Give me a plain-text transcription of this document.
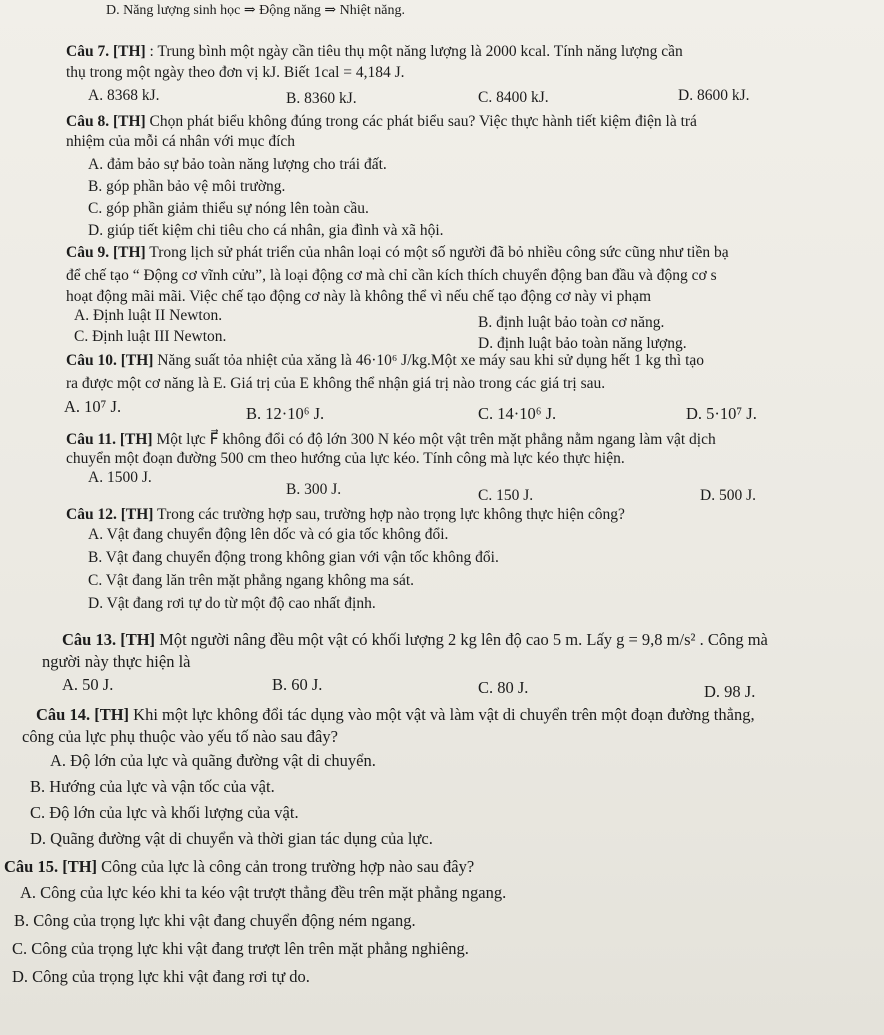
D. Năng lượng sinh học ⇒ Động năng ⇒ Nhiệt năng.
Câu 7. [TH] : Trung bình một ngày cần tiêu thụ một năng lượng là 2000 kcal. Tính năng lượng cần
thụ trong một ngày theo đơn vị kJ. Biết 1cal = 4,184 J.
A. 8368 kJ.	B. 8360 kJ.	C. 8400 kJ.	D. 8600 kJ.
Câu 8. [TH] Chọn phát biểu không đúng trong các phát biểu sau? Việc thực hành tiết kiệm điện là trá
nhiệm của mỗi cá nhân với mục đích
A. đảm bảo sự bảo toàn năng lượng cho trái đất.
B. góp phần bảo vệ môi trường.
C. góp phần giảm thiểu sự nóng lên toàn cầu.
D. giúp tiết kiệm chi tiêu cho cá nhân, gia đình và xã hội.
Câu 9. [TH] Trong lịch sử phát triển của nhân loại có một số người đã bỏ nhiều công sức cũng như tiền bạ
để chế tạo “ Động cơ vĩnh cửu”, là loại động cơ mà chỉ cần kích thích chuyển động ban đầu và động cơ s
hoạt động mãi mãi. Việc chế tạo động cơ này là không thể vì nếu chế tạo động cơ này vi phạm
A. Định luật II Newton.	B. định luật bảo toàn cơ năng.
C. Định luật III Newton.	D. định luật bảo toàn năng lượng.
Câu 10. [TH] Năng suất tỏa nhiệt của xăng là 46·10⁶ J/kg.Một xe máy sau khi sử dụng hết 1 kg thì tạo
ra được một cơ năng là E. Giá trị của E không thể nhận giá trị nào trong các giá trị sau.
A. 10⁷ J.	B. 12·10⁶ J.	C. 14·10⁶ J.	D. 5·10⁷ J.
Câu 11. [TH] Một lực F⃗ không đổi có độ lớn 300 N kéo một vật trên mặt phẳng nằm ngang làm vật dịch
chuyển một đoạn đường 500 cm theo hướng của lực kéo. Tính công mà lực kéo thực hiện.
A. 1500 J.
B. 300 J.	C. 150 J.	D. 500 J.
Câu 12. [TH] Trong các trường hợp sau, trường hợp nào trọng lực không thực hiện công?
A. Vật đang chuyển động lên dốc và có gia tốc không đổi.
B. Vật đang chuyển động trong không gian với vận tốc không đổi.
C. Vật đang lăn trên mặt phẳng ngang không ma sát.
D. Vật đang rơi tự do từ một độ cao nhất định.
Câu 13. [TH] Một người nâng đều một vật có khối lượng 2 kg lên độ cao 5 m. Lấy g = 9,8 m/s² . Công mà
người này thực hiện là
A. 50 J.	B. 60 J.	C. 80 J.	D. 98 J.
Câu 14. [TH] Khi một lực không đổi tác dụng vào một vật và làm vật di chuyển trên một đoạn đường thẳng,
công của lực phụ thuộc vào yếu tố nào sau đây?
A. Độ lớn của lực và quãng đường vật di chuyển.
B. Hướng của lực và vận tốc của vật.
C. Độ lớn của lực và khối lượng của vật.
D. Quãng đường vật di chuyển và thời gian tác dụng của lực.
Câu 15. [TH] Công của lực là công cản trong trường hợp nào sau đây?
A. Công của lực kéo khi ta kéo vật trượt thẳng đều trên mặt phẳng ngang.
B. Công của trọng lực khi vật đang chuyển động ném ngang.
C. Công của trọng lực khi vật đang trượt lên trên mặt phẳng nghiêng.
D. Công của trọng lực khi vật đang rơi tự do.
